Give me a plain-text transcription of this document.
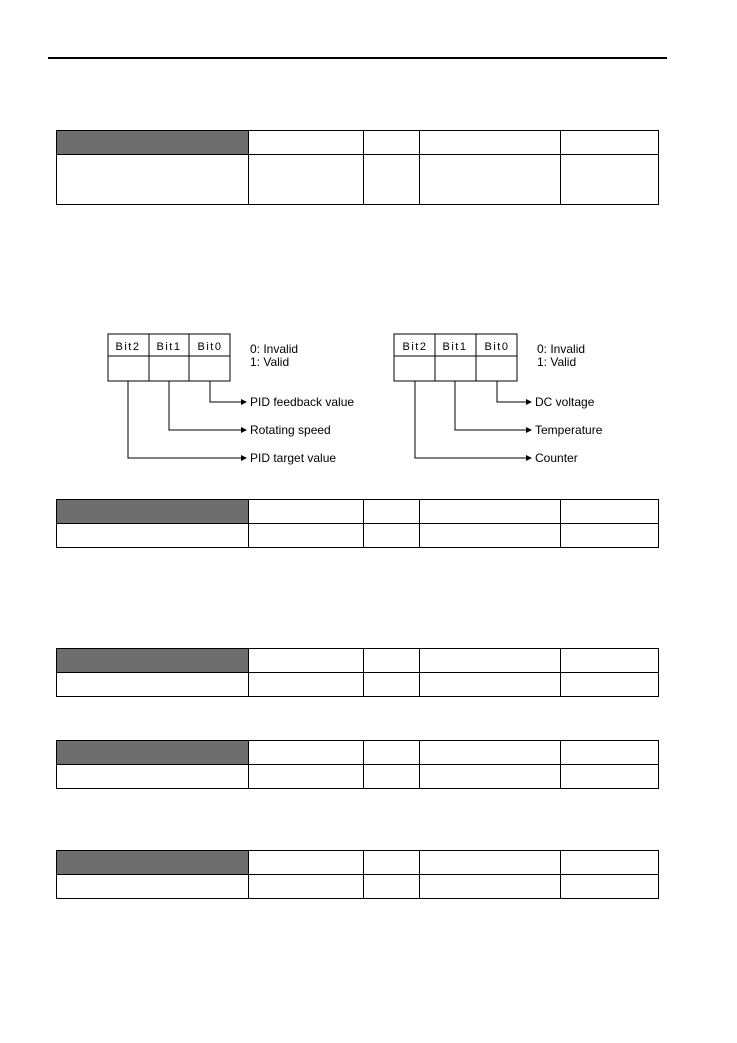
Bit2 Bit1 Bit0 0: Invalid
1: Valid
PID feedback value
Rotating speed
PID target value
Bit2 Bit1 Bit0 0: Invalid
1: Valid
DC voltage
Temperature
Counter
